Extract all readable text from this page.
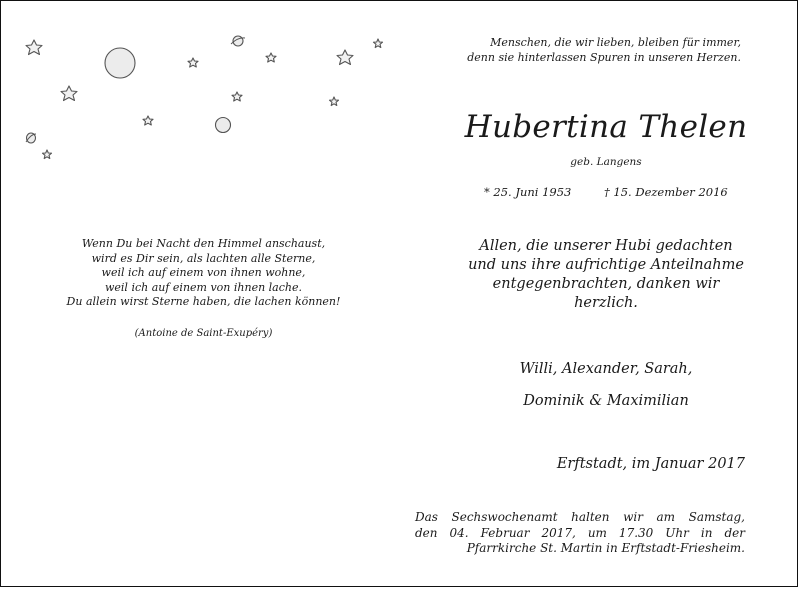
Wenn Du bei Nacht den Himmel anschaust,
wird es Dir sein, als lachten alle Sterne,
weil ich auf einem von ihnen wohne,
weil ich auf einem von ihnen lache.
Du allein wirst Sterne haben, die lachen können!
(Antoine de Saint-Exupéry)
Menschen, die wir lieben, bleiben für immer,
denn sie hinterlassen Spuren in unseren Herzen.
Hubertina Thelen
geb. Langens
* 25. Juni 1953	† 15. Dezember 2016
Allen, die unserer Hubi gedachten
und uns ihre aufrichtige Anteilnahme
entgegenbrachten, danken wir
herzlich.
Willi, Alexander, Sarah,
Dominik & Maximilian
Erftstadt, im Januar 2017
Das Sechswochenamt halten wir am Samstag,
den 04. Februar 2017, um 17.30 Uhr in der
Pfarrkirche St. Martin in Erftstadt-Friesheim.
